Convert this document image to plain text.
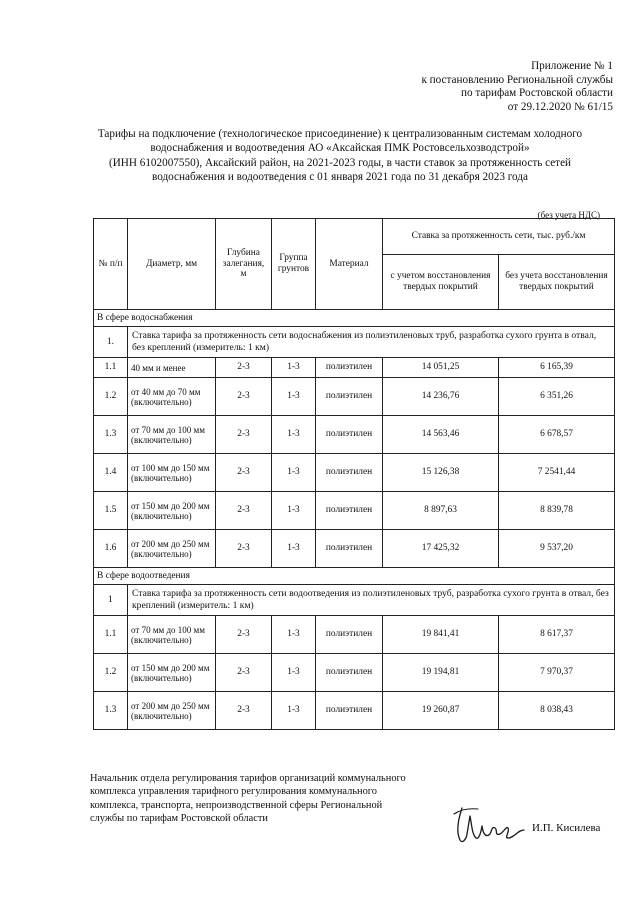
Приложение № 1
к постановлению Региональной службы
по тарифам Ростовской области
от 29.12.2020 № 61/15
Тарифы на подключение (технологическое присоединение) к централизованным системам холодного
водоснабжения и водоотведения АО «Аксайская ПМК Ростовсельхозводстрой»
(ИНН 6102007550), Аксайский район, на 2021-2023 годы, в части ставок за протяженность сетей
водоснабжения и водоотведения с 01 января 2021 года по 31 декабря 2023 года
(без учета НДС)
№ п/п	Диаметр, мм	Глубина залегания, м	Группа грунтов	Материал	Ставка за протяженность сети, тыс. руб./км	
					с учетом восстановления твердых покрытий	без учета восстановления твердых покрытий
В сфере водоснабжения						
1.	Ставка тарифа за протяженность сети водоснабжения из полиэтиленовых труб, разработка сухого грунта в отвал, без креплений (измеритель: 1 км)					
1.1	40 мм и менее	2-3	1-3	полиэтилен	14 051,25	6 165,39
1.2	от 40 мм до 70 мм (включительно)	2-3	1-3	полиэтилен	14 236,76	6 351,26
1.3	от 70 мм до 100 мм (включительно)	2-3	1-3	полиэтилен	14 563,46	6 678,57
1.4	от 100 мм до 150 мм (включительно)	2-3	1-3	полиэтилен	15 126,38	7 2541,44
1.5	от 150 мм до 200 мм (включительно)	2-3	1-3	полиэтилен	8 897,63	8 839,78
1.6	от 200 мм до 250 мм (включительно)	2-3	1-3	полиэтилен	17 425,32	9 537,20
В сфере водоотведения						
1	Ставка тарифа за протяженность сети водоотведения из полиэтиленовых труб, разработка сухого грунта в отвал, без креплений (измеритель: 1 км)					
1.1	от 70 мм до 100 мм (включительно)	2-3	1-3	полиэтилен	19 841,41	8 617,37
1.2	от 150 мм до 200 мм (включительно)	2-3	1-3	полиэтилен	19 194,81	7 970,37
1.3	от 200 мм до 250 мм (включительно)	2-3	1-3	полиэтилен	19 260,87	8 038,43
Начальник отдела регулирования тарифов организаций коммунального
комплекса управления тарифного регулирования коммунального
комплекса, транспорта, непроизводственной сферы Региональной
службы по тарифам Ростовской области
И.П. Кисилева
